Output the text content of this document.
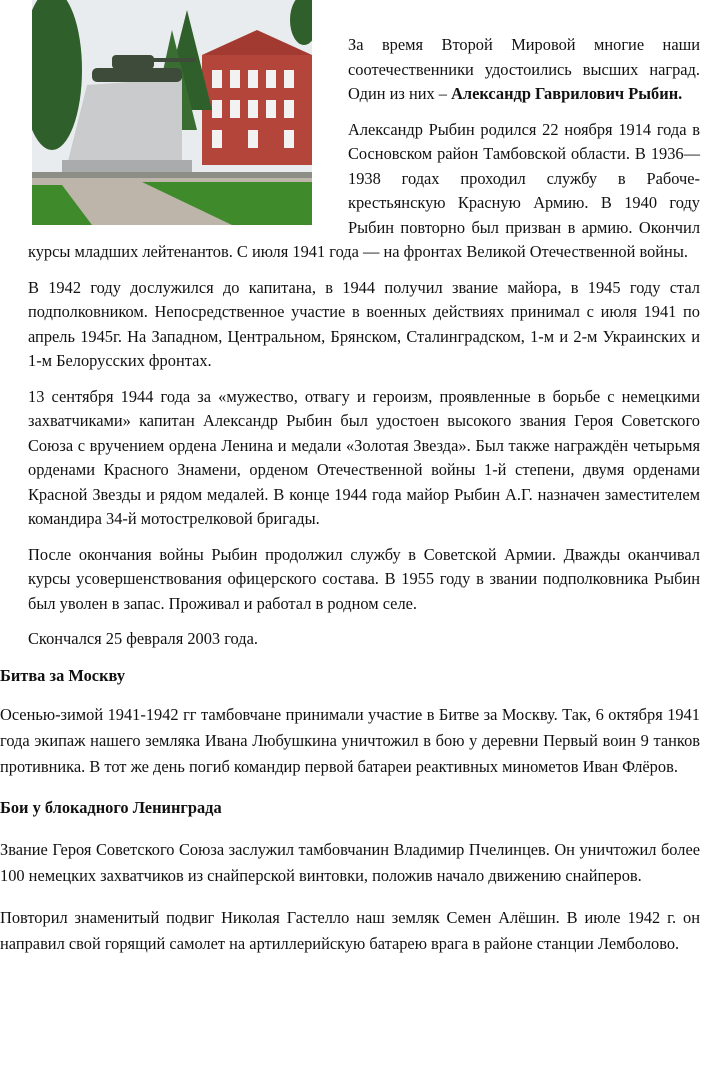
За время Второй Мировой многие наши соотечественники удостоились высших наград. Один из них – Александр Гаврилович Рыбин.

Александр Рыбин родился 22 ноября 1914 года в Сосновском район Тамбовской области. В 1936—1938 годах проходил службу в Рабоче-крестьянскую Красную Армию. В 1940 году Рыбин повторно был призван в армию. Окончил курсы младших лейтенантов. С июля 1941 года — на фронтах Великой Отечественной войны.

В 1942 году дослужился до капитана, в 1944 получил звание майора, в 1945 году стал подполковником. Непосредственное участие в военных действиях принимал с июля 1941 по апрель 1945г. На Западном, Центральном, Брянском, Сталинградском, 1-м и 2-м Украинских и 1-м Белорусских фронтах.

13 сентября 1944 года за «мужество, отвагу и героизм, проявленные в борьбе с немецкими захватчиками» капитан Александр Рыбин был удостоен высокого звания Героя Советского Союза с вручением ордена Ленина и медали «Золотая Звезда». Был также награждён четырьмя орденами Красного Знамени, орденом Отечественной войны 1-й степени, двумя орденами Красной Звезды и рядом медалей. В конце 1944 года майор Рыбин А.Г. назначен заместителем командира 34-й мотострелковой бригады.

После окончания войны Рыбин продолжил службу в Советской Армии. Дважды оканчивал курсы усовершенствования офицерского состава. В 1955 году в звании подполковника Рыбин был уволен в запас. Проживал и работал в родном селе.

Скончался 25 февраля 2003 года.

Битва за Москву

Осенью-зимой 1941-1942 гг тамбовчане принимали участие в Битве за Москву. Так, 6 октября 1941 года экипаж нашего земляка Ивана Любушкина уничтожил в бою у деревни Первый воин 9 танков противника. В тот же день погиб командир первой батареи реактивных минометов Иван Флёров.

Бои у блокадного Ленинграда

Звание Героя Советского Союза заслужил тамбовчанин Владимир Пчелинцев. Он уничтожил более 100 немецких захватчиков из снайперской винтовки, положив начало движению снайперов.

Повторил знаменитый подвиг Николая Гастелло наш земляк Семен Алёшин. В июле 1942 г. он направил свой горящий самолет на артиллерийскую батарею врага в районе станции Лемболово.
